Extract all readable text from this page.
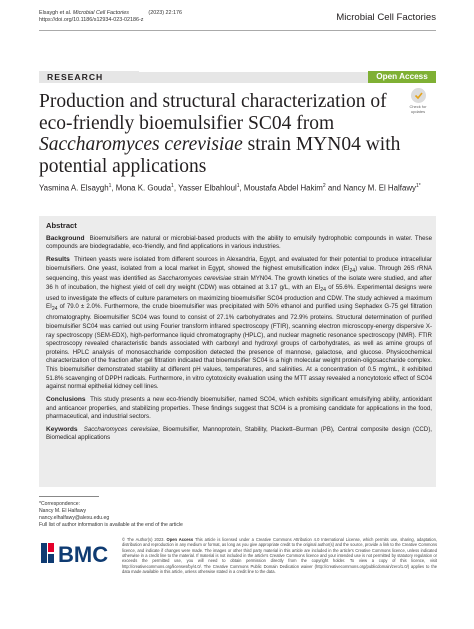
Elsaygh et al. Microbial Cell Factories	(2023) 22:176
https://doi.org/10.1186/s12934-023-02186-z	Microbial Cell Factories
RESEARCH	Open Access
Production and structural characterization of eco-friendly bioemulsifier SC04 from Saccharomyces cerevisiae strain MYN04 with potential applications
Check for updates
Yasmina A. Elsaygh$^1$, Mona K. Gouda$^1$, Yasser Elbahloul$^1$, Moustafa Abdel Hakim$^2$ and Nancy M. El Halfawy$^{1*}$
Abstract

Background Bioemulsifiers are natural or microbial-based products with the ability to emulsify hydrophobic compounds in water. These compounds are biodegradable, eco-friendly, and find applications in various industries.

Results Thirteen yeasts were isolated from different sources in Alexandria, Egypt, and evaluated for their potential to produce intracellular bioemulsifiers. One yeast, isolated from a local market in Egypt, showed the highest emulsification index $(EI_{24})$ value. Through 26S rRNA sequencing, this yeast was identified as Saccharomyces cerevisiae strain MYN04. The growth kinetics of the isolate were studied, and after 36 h of incubation, the highest yield of cell dry weight (CDW) was obtained at 3.17 g/L, with an $EI_{24}$ of 55.6%. Experimental designs were used to investigate the effects of culture parameters on maximizing bioemulsifier SC04 production and CDW. The study achieved a maximum $EI_{24}$ of 79.0 ± 2.0%. Furthermore, the crude bioemulsifier was precipitated with 50% ethanol and purified using Sephadex G-75 gel filtration chromatography. Bioemulsifier SC04 was found to consist of 27.1% carbohydrates and 72.9% proteins. Structural determination of purified bioemulsifier SC04 was carried out using Fourier transform infrared spectroscopy (FTIR), scanning electron microscopy-energy dispersive X-ray spectroscopy (SEM-EDX), high-performance liquid chromatography (HPLC), and nuclear magnetic resonance spectroscopy (NMR). FTIR spectroscopy revealed characteristic bands associated with carboxyl and hydroxyl groups of carbohydrates, as well as amine groups of proteins. HPLC analysis of monosaccharide composition detected the presence of mannose, galactose, and glucose. Physicochemical characterization of the fraction after gel filtration indicated that bioemulsifier SC04 is a high molecular weight protein-oligosaccharide complex. This bioemulsifier demonstrated stability at different pH values, temperatures, and salinities. At a concentration of 0.5 mg/mL, it exhibited 51.8% scavenging of DPPH radicals. Furthermore, in vitro cytotoxicity evaluation using the MTT assay revealed a noncytotoxic effect of SC04 against normal epithelial kidney cell lines.

Conclusions This study presents a new eco-friendly bioemulsifier, named SC04, which exhibits significant emulsifying ability, antioxidant and anticancer properties, and stabilizing properties. These findings suggest that SC04 is a promising candidate for applications in the food, pharmaceutical, and industrial sectors.

Keywords Saccharomyces cerevisiae, Bioemulsifier, Mannoprotein, Stability, Plackett–Burman (PB), Central composite design (CCD), Biomedical applications

*Correspondence:
Nancy M. El Halfawy
nancy.elhalfawy@alexu.edu.eg
Full list of author information is available at the end of the article
BMC
© The Author(s) 2023. Open Access This article is licensed under a Creative Commons Attribution 4.0 International License, which permits use, sharing, adaptation, distribution and reproduction in any medium or format, as long as you give appropriate credit to the original author(s) and the source, provide a link to the Creative Commons licence, and indicate if changes were made. The images or other third party material in this article are included in the article's Creative Commons licence, unless indicated otherwise in a credit line to the material. If material is not included in the article's Creative Commons licence and your intended use is not permitted by statutory regulation or exceeds the permitted use, you will need to obtain permission directly from the copyright holder. To view a copy of this licence, visit http://creativecommons.org/licenses/by/4.0/. The Creative Commons Public Domain Dedication waiver (http://creativecommons.org/publicdomain/zero/1.0/) applies to the data made available in this article, unless otherwise stated in a credit line to the data.
